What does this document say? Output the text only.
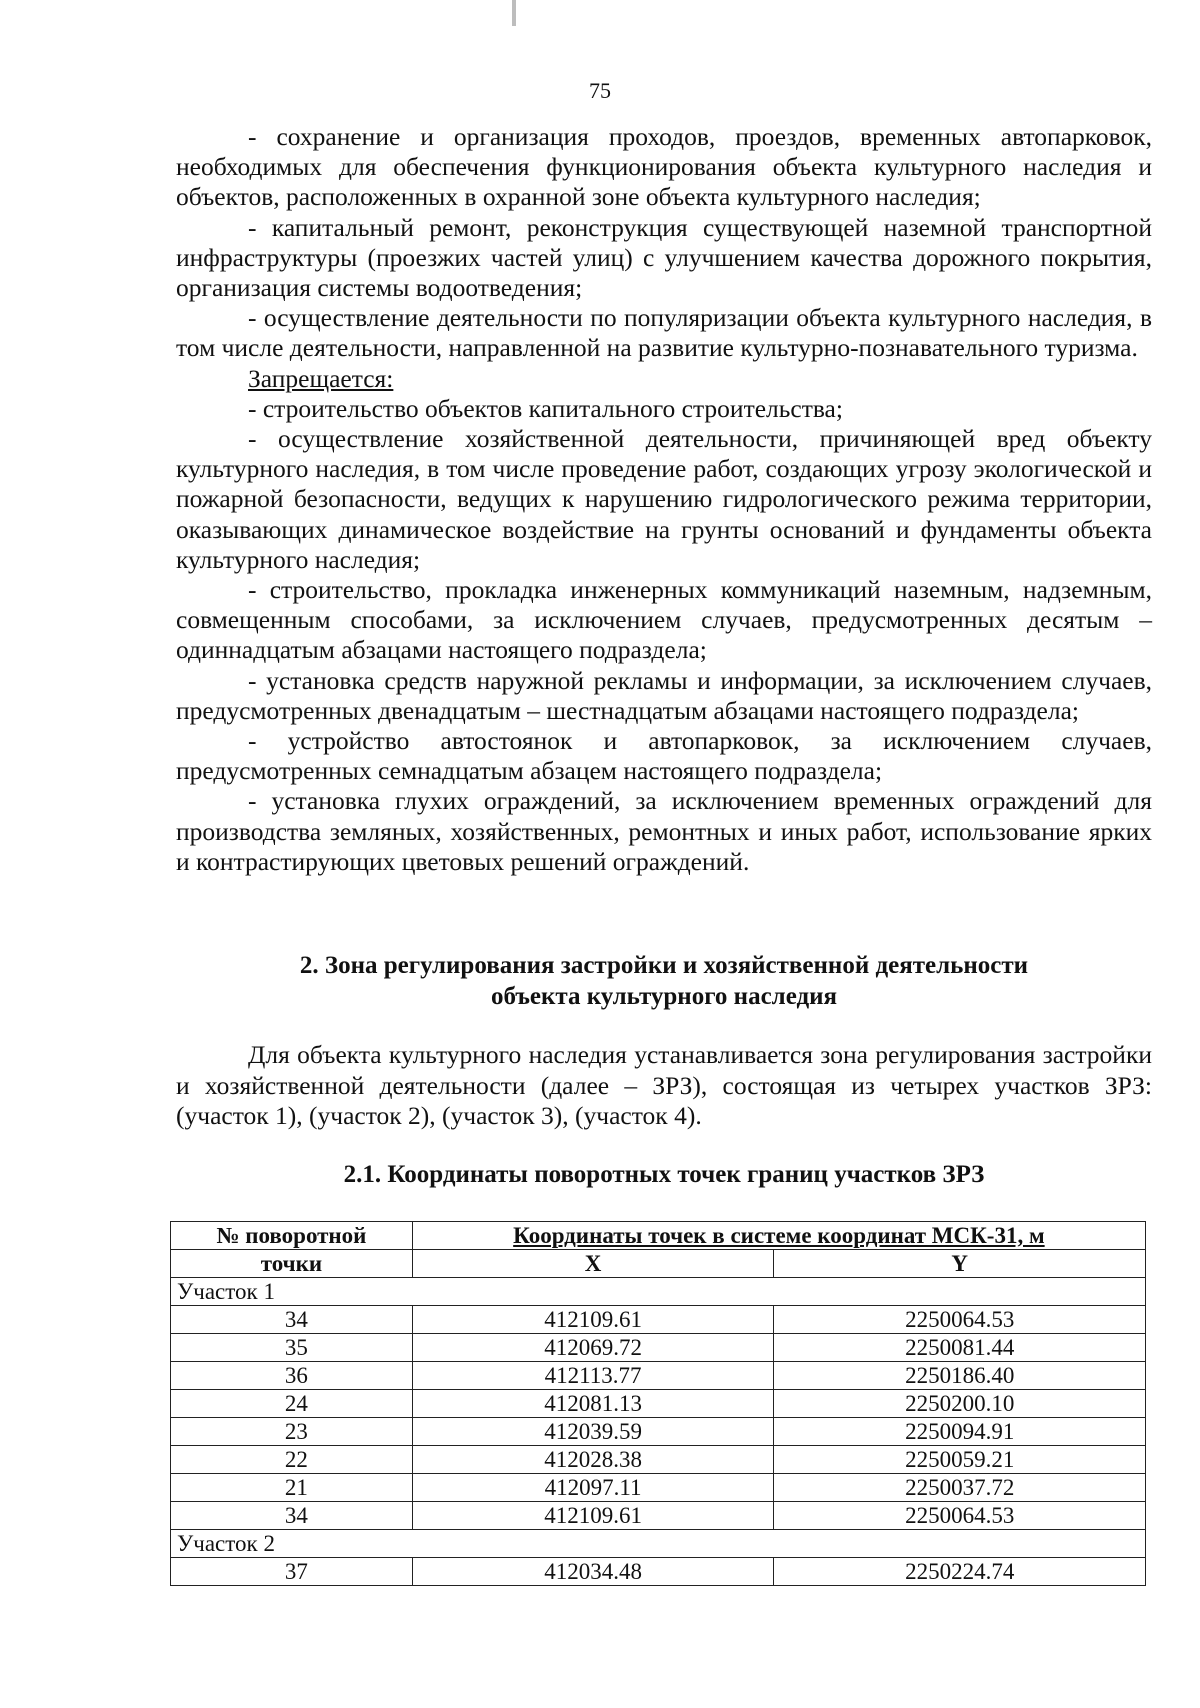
75

- сохранение и организация проходов, проездов, временных автопарковок, необходимых для обеспечения функционирования объекта культурного наследия и объектов, расположенных в охранной зоне объекта культурного наследия;

- капитальный ремонт, реконструкция существующей наземной транспортной инфраструктуры (проезжих частей улиц) с улучшением качества дорожного покрытия, организация системы водоотведения;

- осуществление деятельности по популяризации объекта культурного наследия, в том числе деятельности, направленной на развитие культурно-познавательного туризма.

Запрещается:

- строительство объектов капитального строительства;

- осуществление хозяйственной деятельности, причиняющей вред объекту культурного наследия, в том числе проведение работ, создающих угрозу экологической и пожарной безопасности, ведущих к нарушению гидрологического режима территории, оказывающих динамическое воздействие на грунты оснований и фундаменты объекта культурного наследия;

- строительство, прокладка инженерных коммуникаций наземным, надземным, совмещенным способами, за исключением случаев, предусмотренных десятым – одиннадцатым абзацами настоящего подраздела;

- установка средств наружной рекламы и информации, за исключением случаев, предусмотренных двенадцатым – шестнадцатым абзацами настоящего подраздела;

- устройство автостоянок и автопарковок, за исключением случаев, предусмотренных семнадцатым абзацем настоящего подраздела;

- установка глухих ограждений, за исключением временных ограждений для производства земляных, хозяйственных, ремонтных и иных работ, использование ярких и контрастирующих цветовых решений ограждений.

2. Зона регулирования застройки и хозяйственной деятельности
объекта культурного наследия

Для объекта культурного наследия устанавливается зона регулирования застройки и хозяйственной деятельности (далее – ЗРЗ), состоящая из четырех участков ЗРЗ: (участок 1), (участок 2), (участок 3), (участок 4).

2.1. Координаты поворотных точек границ участков ЗРЗ
№ поворотной	Координаты точек в системе координат МСК-31, м	
точки	X	Y
Участок 1		
34	412109.61	2250064.53
35	412069.72	2250081.44
36	412113.77	2250186.40
24	412081.13	2250200.10
23	412039.59	2250094.91
22	412028.38	2250059.21
21	412097.11	2250037.72
34	412109.61	2250064.53
Участок 2		
37	412034.48	2250224.74
